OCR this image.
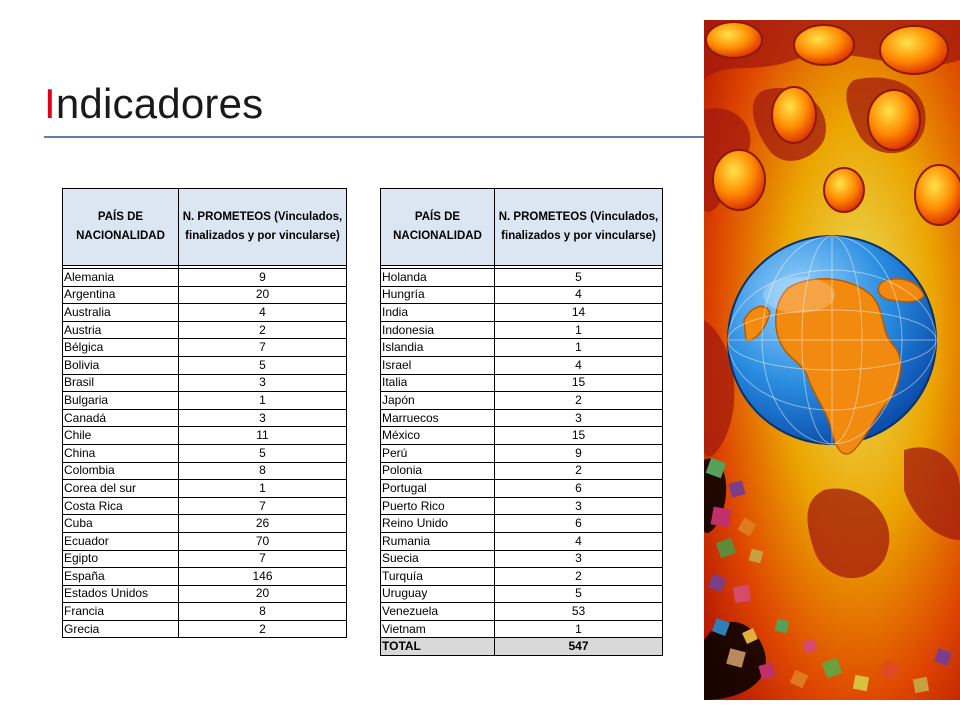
Indicadores
PAÍS DE NACIONALIDAD	N. PROMETEOS (Vinculados, finalizados y por vincularse)

Alemania	9
Argentina	20
Australia	4
Austria	2
Bélgica	7
Bolivia	5
Brasil	3
Bulgaria	1
Canadá	3
Chile	11
China	5
Colombia	8
Corea del sur	1
Costa Rica	7
Cuba	26
Ecuador	70
Egipto	7
España	146
Estados Unidos	20
Francia	8
Grecia	2
PAÍS DE NACIONALIDAD	N. PROMETEOS (Vinculados, finalizados y por vincularse)

Holanda	5
Hungría	4
India	14
Indonesia	1
Islandia	1
Israel	4
Italia	15
Japón	2
Marruecos	3
México	15
Perú	9
Polonia	2
Portugal	6
Puerto Rico	3
Reino Unido	6
Rumania	4
Suecia	3
Turquía	2
Uruguay	5
Venezuela	53
Vietnam	1
TOTAL	547
